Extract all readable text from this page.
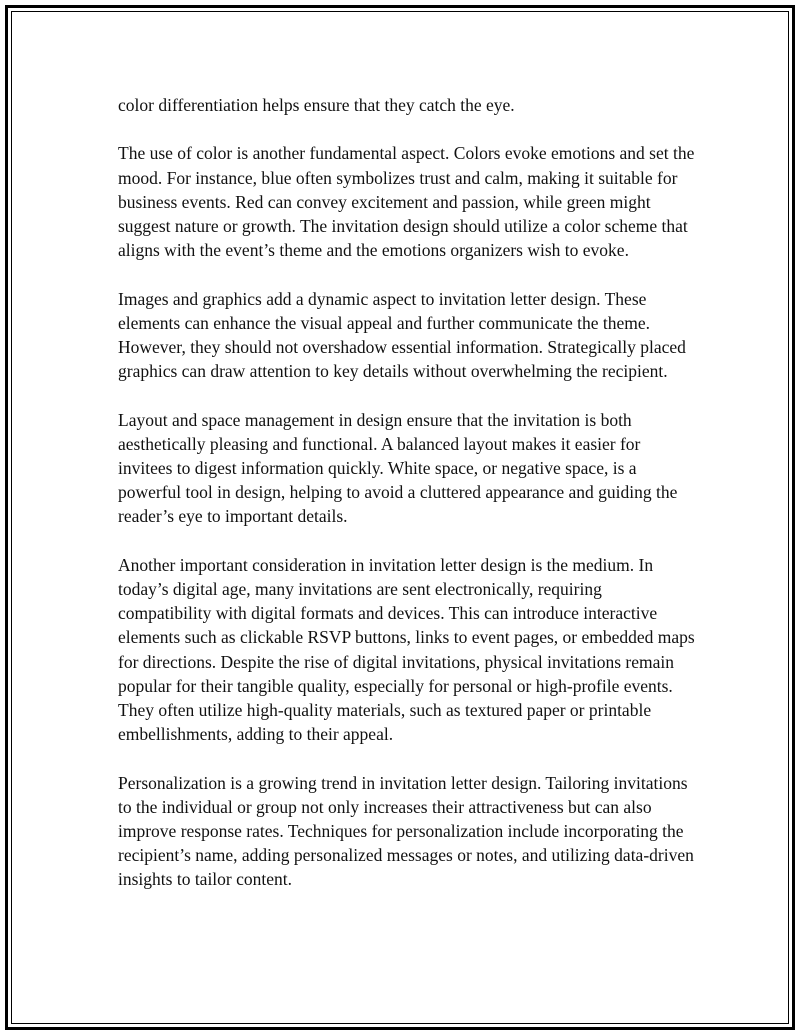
color differentiation helps ensure that they catch the eye.

The use of color is another fundamental aspect. Colors evoke emotions and set the mood. For instance, blue often symbolizes trust and calm, making it suitable for business events. Red can convey excitement and passion, while green might suggest nature or growth. The invitation design should utilize a color scheme that aligns with the event’s theme and the emotions organizers wish to evoke.

Images and graphics add a dynamic aspect to invitation letter design. These elements can enhance the visual appeal and further communicate the theme. However, they should not overshadow essential information. Strategically placed graphics can draw attention to key details without overwhelming the recipient.

Layout and space management in design ensure that the invitation is both aesthetically pleasing and functional. A balanced layout makes it easier for invitees to digest information quickly. White space, or negative space, is a powerful tool in design, helping to avoid a cluttered appearance and guiding the reader’s eye to important details.

Another important consideration in invitation letter design is the medium. In today’s digital age, many invitations are sent electronically, requiring compatibility with digital formats and devices. This can introduce interactive elements such as clickable RSVP buttons, links to event pages, or embedded maps for directions. Despite the rise of digital invitations, physical invitations remain popular for their tangible quality, especially for personal or high-profile events. They often utilize high-quality materials, such as textured paper or printable embellishments, adding to their appeal.

Personalization is a growing trend in invitation letter design. Tailoring invitations to the individual or group not only increases their attractiveness but can also improve response rates. Techniques for personalization include incorporating the recipient’s name, adding personalized messages or notes, and utilizing data-driven insights to tailor content.
